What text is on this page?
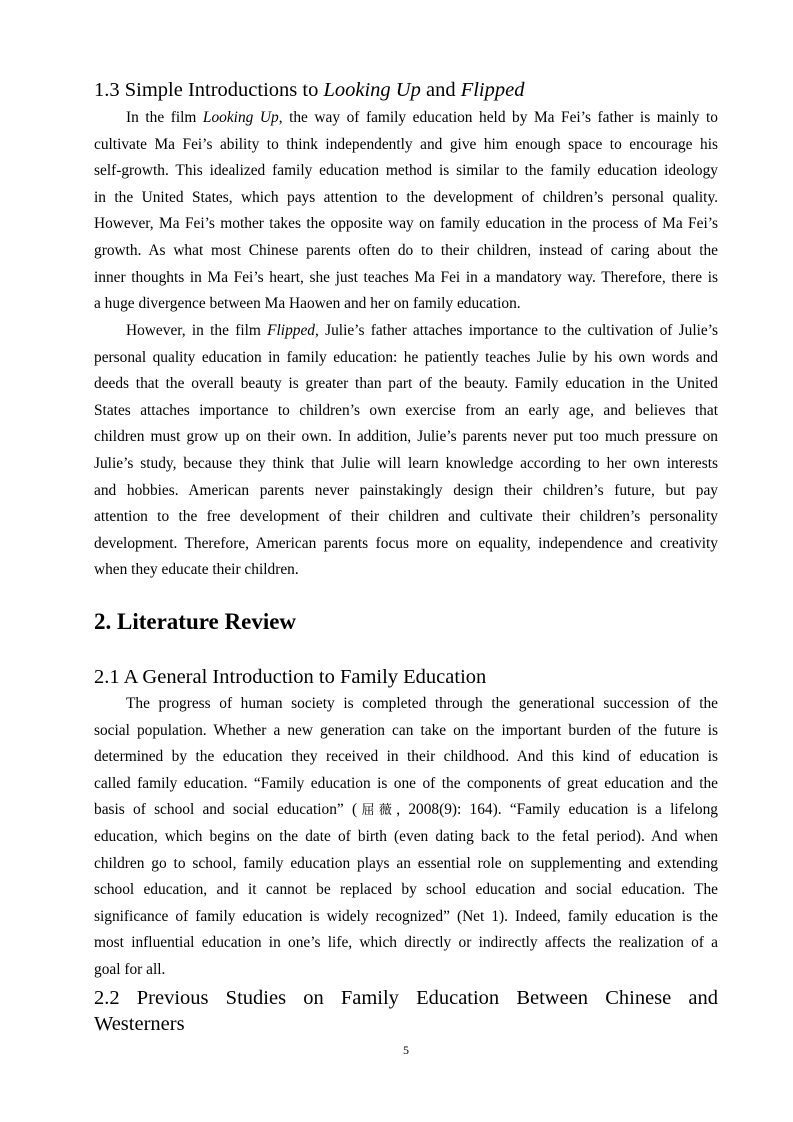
1.3 Simple Introductions to Looking Up and Flipped
In the film Looking Up, the way of family education held by Ma Fei’s father is mainly to
cultivate Ma Fei’s ability to think independently and give him enough space to encourage his
self-growth. This idealized family education method is similar to the family education ideology
in the United States, which pays attention to the development of children’s personal quality.
However, Ma Fei’s mother takes the opposite way on family education in the process of Ma Fei’s
growth. As what most Chinese parents often do to their children, instead of caring about the
inner thoughts in Ma Fei’s heart, she just teaches Ma Fei in a mandatory way. Therefore, there is
a huge divergence between Ma Haowen and her on family education.
However, in the film Flipped, Julie’s father attaches importance to the cultivation of Julie’s
personal quality education in family education: he patiently teaches Julie by his own words and
deeds that the overall beauty is greater than part of the beauty. Family education in the United
States attaches importance to children’s own exercise from an early age, and believes that
children must grow up on their own. In addition, Julie’s parents never put too much pressure on
Julie’s study, because they think that Julie will learn knowledge according to her own interests
and hobbies. American parents never painstakingly design their children’s future, but pay
attention to the free development of their children and cultivate their children’s personality
development. Therefore, American parents focus more on equality, independence and creativity
when they educate their children.
2. Literature Review
2.1 A General Introduction to Family Education
The progress of human society is completed through the generational succession of the
social population. Whether a new generation can take on the important burden of the future is
determined by the education they received in their childhood. And this kind of education is
called family education. “Family education is one of the components of great education and the
basis of school and social education” (屈薇, 2008(9): 164). “Family education is a lifelong
education, which begins on the date of birth (even dating back to the fetal period). And when
children go to school, family education plays an essential role on supplementing and extending
school education, and it cannot be replaced by school education and social education. The
significance of family education is widely recognized” (Net 1). Indeed, family education is the
most influential education in one’s life, which directly or indirectly affects the realization of a
goal for all.
2.2 Previous Studies on Family Education Between Chinese and
Westerners
5
